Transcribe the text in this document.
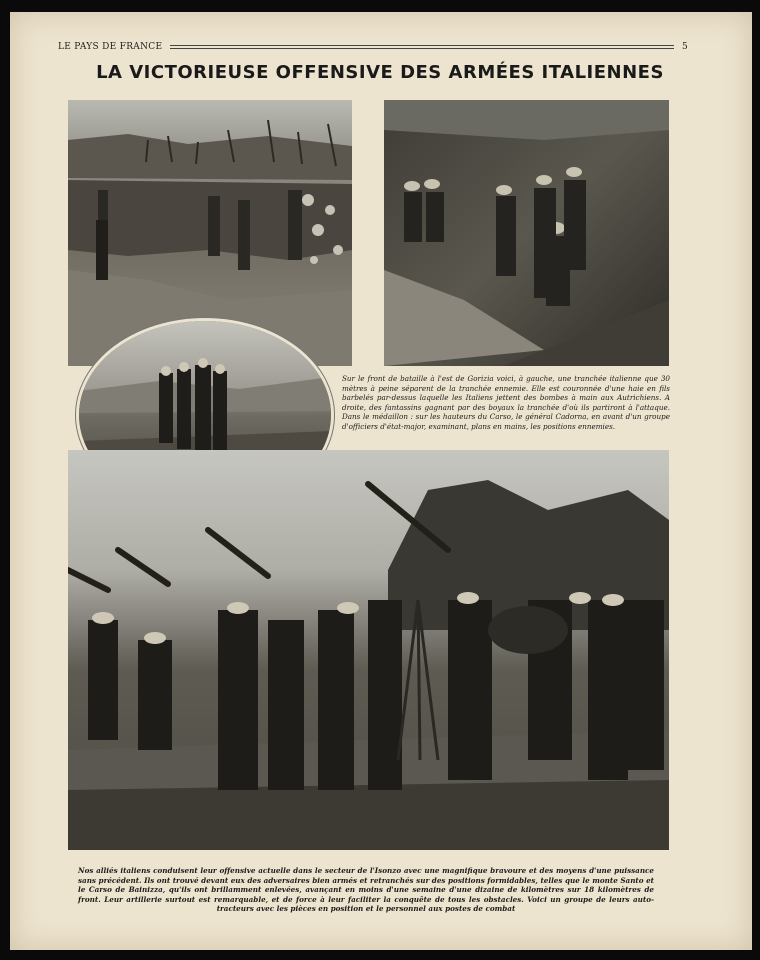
LE PAYS DE FRANCE	5
LA VICTORIEUSE OFFENSIVE DES ARMÉES ITALIENNES
Sur le front de bataille à l'est de Gorizia voici, à gauche, une tranchée italienne que 30 mètres à peine séparent de la tranchée ennemie. Elle est couronnée d'une haie en fils barbelés par-dessus laquelle les Italiens jettent des bombes à main aux Autrichiens. A droite, des fantassins gagnant par des boyaux la tranchée d'où ils partiront à l'attaque. Dans le médaillon : sur les hauteurs du Carso, le général Cadorna, en avant d'un groupe d'officiers d'état-major, examinant, plans en mains, les positions ennemies.
Nos alliés italiens conduisent leur offensive actuelle dans le secteur de l'Isonzo avec une magnifique bravoure et des moyens d'une puissance sans précédent. Ils ont trouvé devant eux des adversaires bien armés et retranchés sur des positions formidables, telles que le monte Santo et le Carso de Bainizza, qu'ils ont brillamment enlevées, avançant en moins d'une semaine d'une dizaine de kilomètres sur 18 kilomètres de front. Leur artillerie surtout est remarquable, et de force à leur faciliter la conquête de tous les obstacles. Voici un groupe de leurs auto-tracteurs avec les pièces en position et le personnel aux postes de combat
